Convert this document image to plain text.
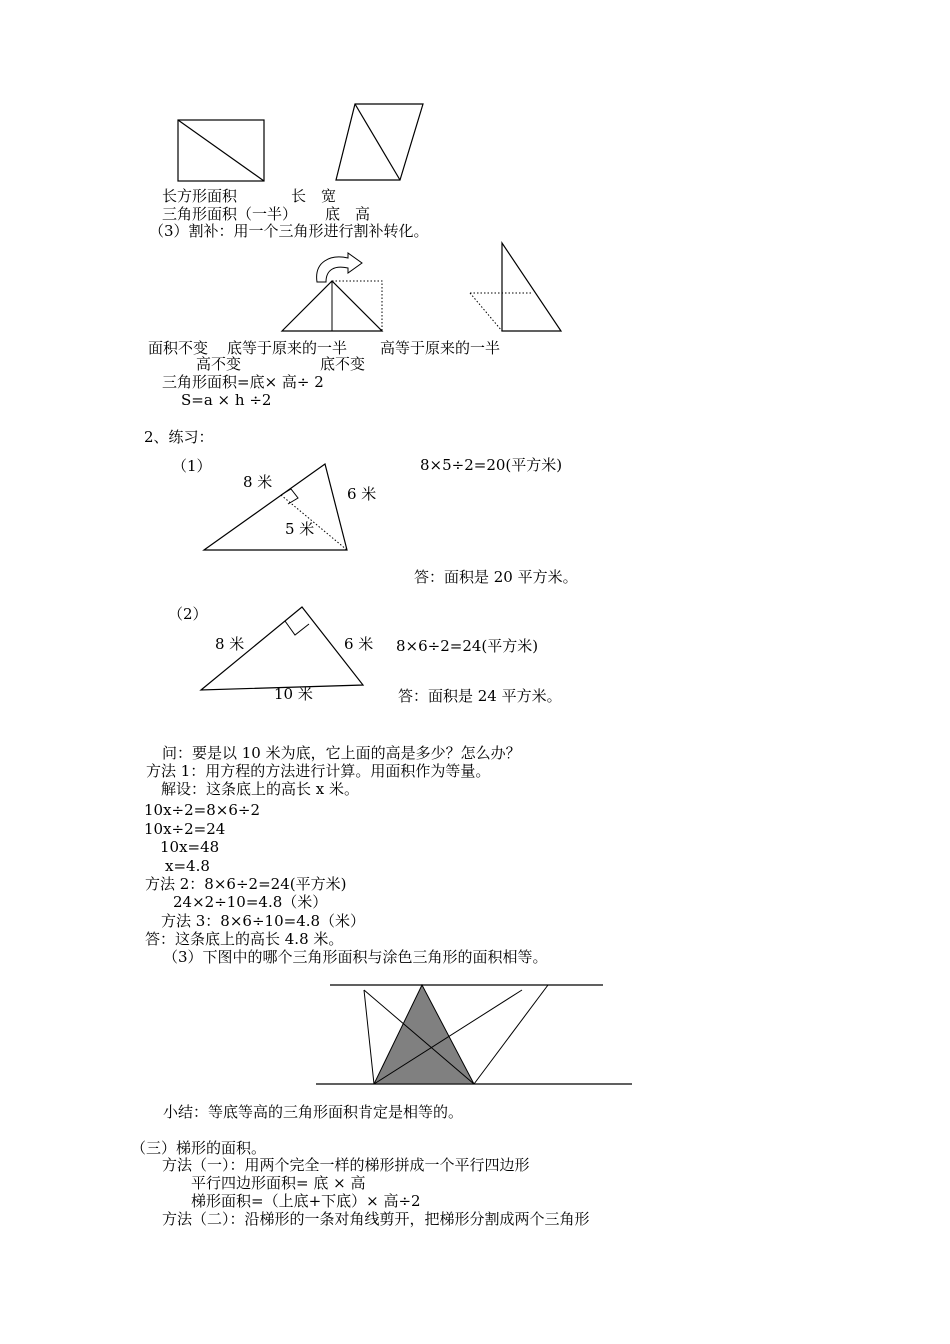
长方形面积	长　宽
三角形面积（一半） 底　高
（3）割补：用一个三角形进行割补转化。
面积不变 底等于原来的一半 高等于原来的一半
高不变	底不变
三角形面积=底× 高÷ 2
S=a × h ÷2
2、练习：
（1）
8 米
6 米
5 米
8×5÷2=20(平方米)
答：面积是 20 平方米。
（2）
8 米	6 米
10 米
8×6÷2=24(平方米)
答：面积是 24 平方米。
问：要是以 10 米为底，它上面的高是多少？怎么办？
方法 1：用方程的方法进行计算。用面积作为等量。
解设：这条底上的高长 x 米。
10x÷2=8×6÷2
10x÷2=24
10x=48
x=4.8
方法 2：8×6÷2=24(平方米)
24×2÷10=4.8（米）
方法 3：8×6÷10=4.8（米）
答：这条底上的高长 4.8 米。
（3）下图中的哪个三角形面积与涂色三角形的面积相等。
小结：等底等高的三角形面积肯定是相等的。
（三）梯形的面积。
方法（一）：用两个完全一样的梯形拼成一个平行四边形
平行四边形面积= 底 × 高
梯形面积=（上底+下底）× 高÷2
方法（二）：沿梯形的一条对角线剪开，把梯形分割成两个三角形
